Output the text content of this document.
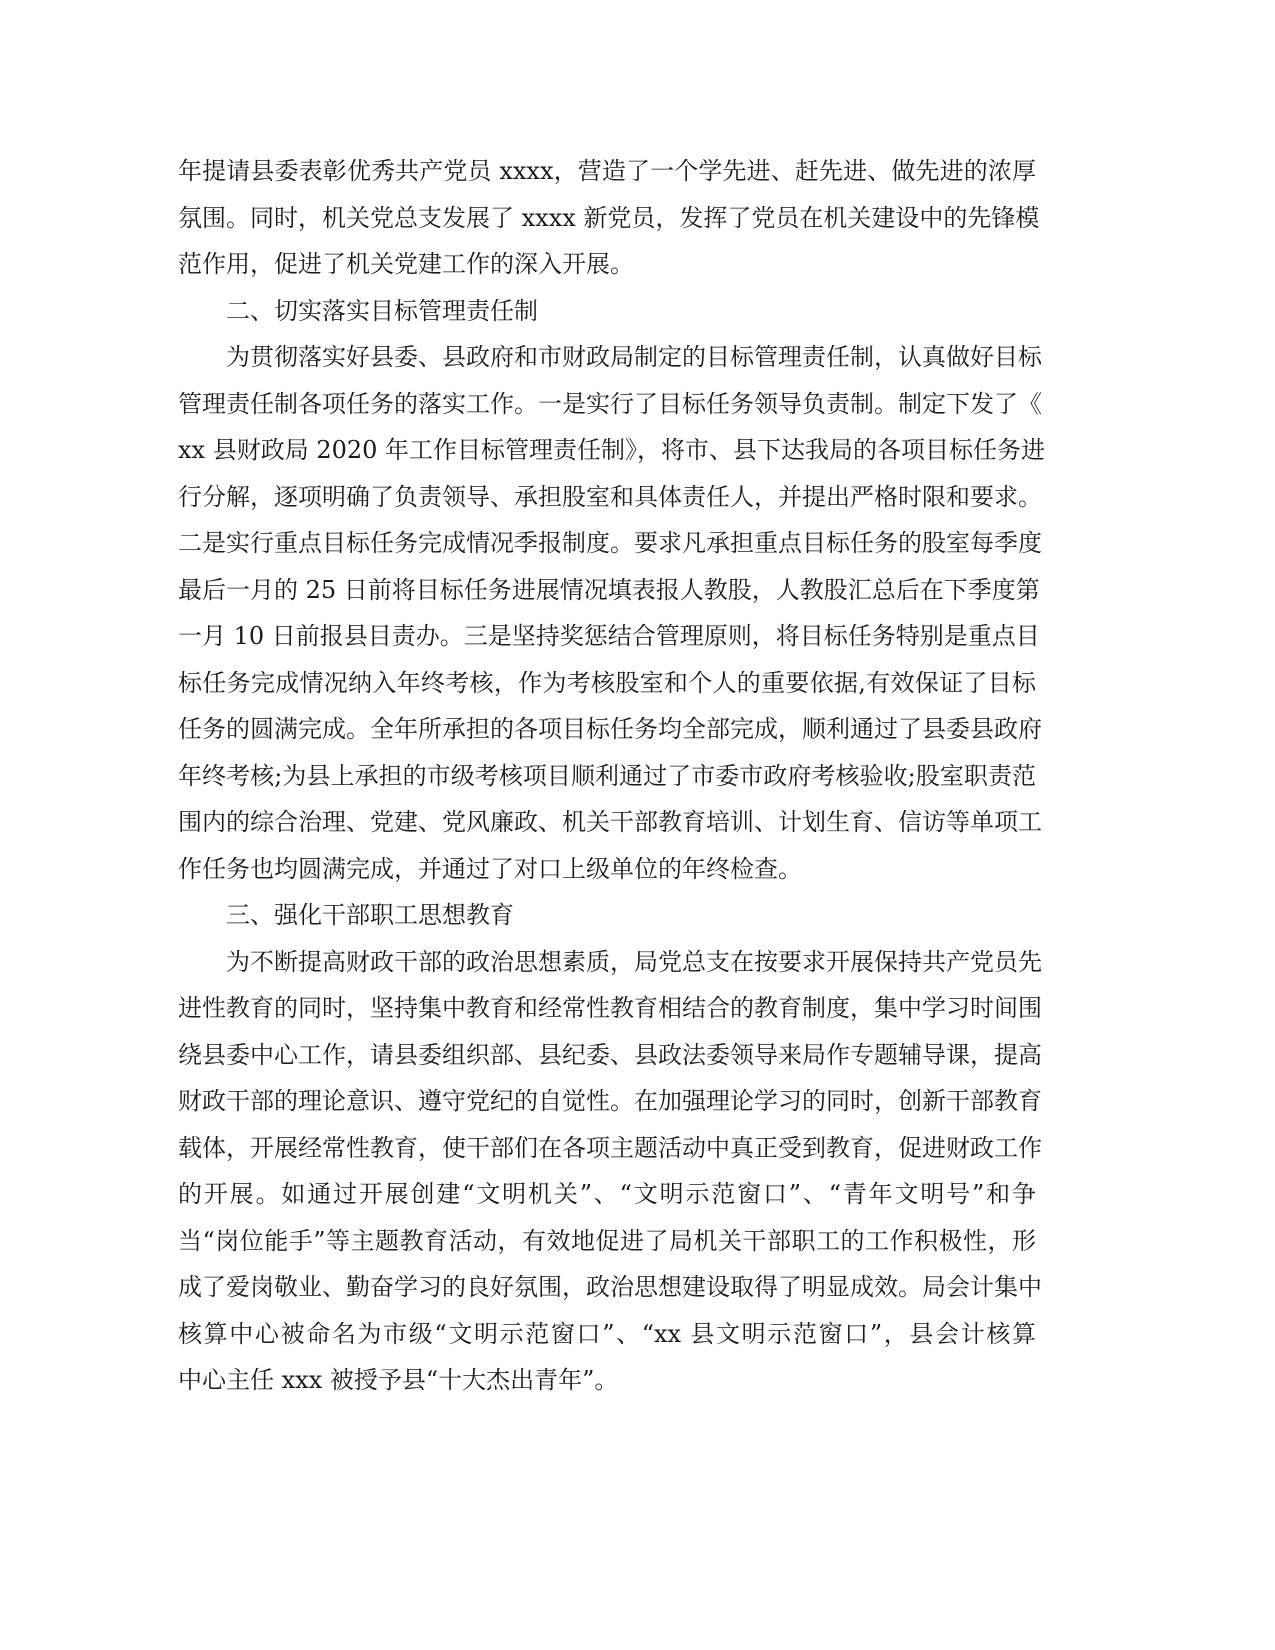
年提请县委表彰优秀共产党员 xxxx，营造了一个学先进、赶先进、做先进的浓厚
氛围。同时，机关党总支发展了 xxxx 新党员，发挥了党员在机关建设中的先锋模
范作用，促进了机关党建工作的深入开展。
二、切实落实目标管理责任制
为贯彻落实好县委、县政府和市财政局制定的目标管理责任制，认真做好目标
管理责任制各项任务的落实工作。一是实行了目标任务领导负责制。制定下发了《
xx 县财政局 2020 年工作目标管理责任制》，将市、县下达我局的各项目标任务进
行分解，逐项明确了负责领导、承担股室和具体责任人，并提出严格时限和要求。
二是实行重点目标任务完成情况季报制度。要求凡承担重点目标任务的股室每季度
最后一月的 25 日前将目标任务进展情况填表报人教股，人教股汇总后在下季度第
一月 10 日前报县目责办。三是坚持奖惩结合管理原则，将目标任务特别是重点目
标任务完成情况纳入年终考核，作为考核股室和个人的重要依据,有效保证了目标
任务的圆满完成。全年所承担的各项目标任务均全部完成，顺利通过了县委县政府
年终考核;为县上承担的市级考核项目顺利通过了市委市政府考核验收;股室职责范
围内的综合治理、党建、党风廉政、机关干部教育培训、计划生育、信访等单项工
作任务也均圆满完成，并通过了对口上级单位的年终检查。
三、强化干部职工思想教育
为不断提高财政干部的政治思想素质，局党总支在按要求开展保持共产党员先
进性教育的同时，坚持集中教育和经常性教育相结合的教育制度，集中学习时间围
绕县委中心工作，请县委组织部、县纪委、县政法委领导来局作专题辅导课，提高
财政干部的理论意识、遵守党纪的自觉性。在加强理论学习的同时，创新干部教育
载体，开展经常性教育，使干部们在各项主题活动中真正受到教育，促进财政工作
的开展。如通过开展创建“文明机关”、“文明示范窗口”、“青年文明号”和争
当“岗位能手”等主题教育活动，有效地促进了局机关干部职工的工作积极性，形
成了爱岗敬业、勤奋学习的良好氛围，政治思想建设取得了明显成效。局会计集中
核算中心被命名为市级“文明示范窗口”、“xx 县文明示范窗口”，县会计核算
中心主任 xxx 被授予县“十大杰出青年”。
